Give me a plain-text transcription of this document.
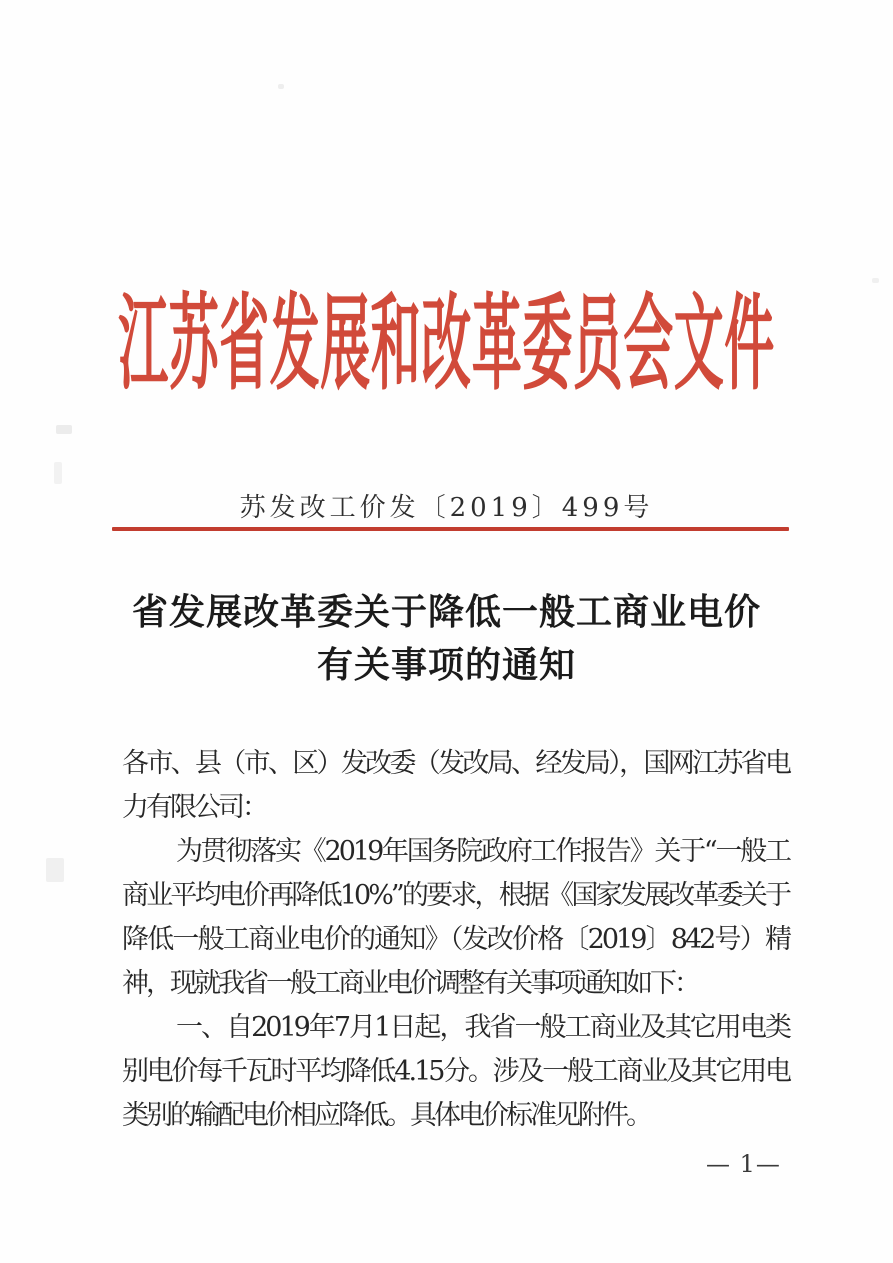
江苏省发展和改革委员会文件
苏发改工价发〔2019〕499号
省发展改革委关于降低一般工商业电价
有关事项的通知

各市、县（市、区）发改委（发改局、经发局），国网江苏省电力有限公司：

为贯彻落实《2019年国务院政府工作报告》关于“一般工商业平均电价再降低10%”的要求，根据《国家发展改革委关于降低一般工商业电价的通知》（发改价格〔2019〕842号）精神，现就我省一般工商业电价调整有关事项通知如下：

一、自2019年7月1日起，我省一般工商业及其它用电类别电价每千瓦时平均降低4.15分。涉及一般工商业及其它用电类别的输配电价相应降低。具体电价标准见附件。

— 1—
